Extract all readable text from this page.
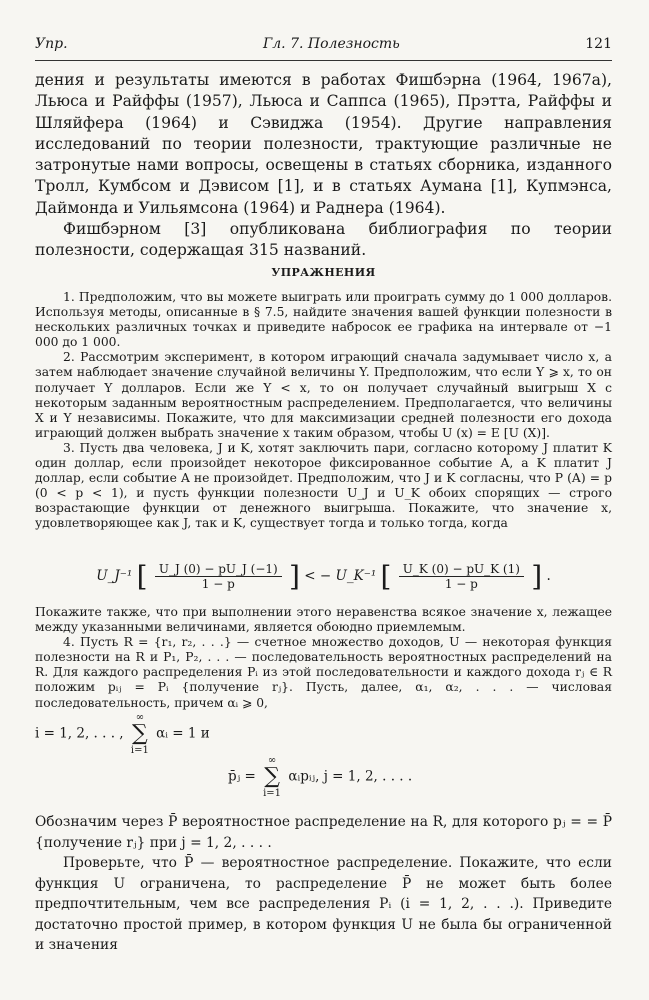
Упр.	Гл. 7. Полезность	121

дения и результаты имеются в работах Фишбэрна (1964, 1967а), Льюса и Райффы (1957), Льюса и Саппса (1965), Прэтта, Райффы и Шляйфера (1964) и Сэвиджа (1954). Другие направления исследований по теории полезности, трактующие различные не затронутые нами вопросы, освещены в статьях сборника, изданного Тролл, Кумбсом и Дэвисом [1], и в статьях Аумана [1], Купмэнса, Даймонда и Уильямсона (1964) и Раднера (1964).

Фишбэрном [3] опубликована библиография по теории полезности, содержащая 315 названий.

УПРАЖНЕНИЯ

1. Предположим, что вы можете выиграть или проиграть сумму до 1 000 долларов. Используя методы, описанные в § 7.5, найдите значения вашей функции полезности в нескольких различных точках и приведите набросок ее графика на интервале от −1 000 до 1 000.

2. Рассмотрим эксперимент, в котором играющий сначала задумывает число x, а затем наблюдает значение случайной величины Y. Предположим, что если Y ⩾ x, то он получает Y долларов. Если же Y < x, то он получает случайный выигрыш X с некоторым заданным вероятностным распределением. Предполагается, что величины X и Y независимы. Покажите, что для максимизации средней полезности его дохода играющий должен выбрать значение x таким образом, чтобы U (x) = E [U (X)].

3. Пусть два человека, J и K, хотят заключить пари, согласно которому J платит K один доллар, если произойдет некоторое фиксированное событие A, а K платит J доллар, если событие A не произойдет. Предположим, что J и K согласны, что P (A) = p (0 < p < 1), и пусть функции полезности U_J и U_K обоих спорящих — строго возрастающие функции от денежного выигрыша. Покажите, что значение x, удовлетворяющее как J, так и K, существует тогда и только тогда, когда

U_J⁻¹ [ $\frac{U\_J (0) - pU\_J (-1)}{1 - p}$ ] < − U_K⁻¹ [ $\frac{U\_K (0) - pU\_K (1)}{1 - p}$ ] .

Покажите также, что при выполнении этого неравенства всякое значение x, лежащее между указанными величинами, является обоюдно приемлемым.

4. Пусть R = {r₁, r₂, . . .} — счетное множество доходов, U — некоторая функция полезности на R и P₁, P₂, . . . — последовательность вероятностных распределений на R. Для каждого распределения Pᵢ из этой последовательности и каждого дохода rⱼ ∈ R положим pᵢⱼ = Pᵢ {получение rⱼ}. Пусть, далее, α₁, α₂, . . . — числовая последовательность, причем αᵢ ⩾ 0,

i = 1, 2, . . . ,
∞
∑
i=1
αᵢ = 1 и
p̄ⱼ =
∞
∑
i=1
αᵢpᵢⱼ, j = 1, 2, . . . .

Обозначим через P̄ вероятностное распределение на R, для которого pⱼ = = P̄ {получение rⱼ} при j = 1, 2, . . . .

Проверьте, что P̄ — вероятностное распределение. Покажите, что если функция U ограничена, то распределение P̄ не может быть более предпочтительным, чем все распределения Pᵢ (i = 1, 2, . . .). Приведите достаточно простой пример, в котором функция U не была бы ограниченной и значения
